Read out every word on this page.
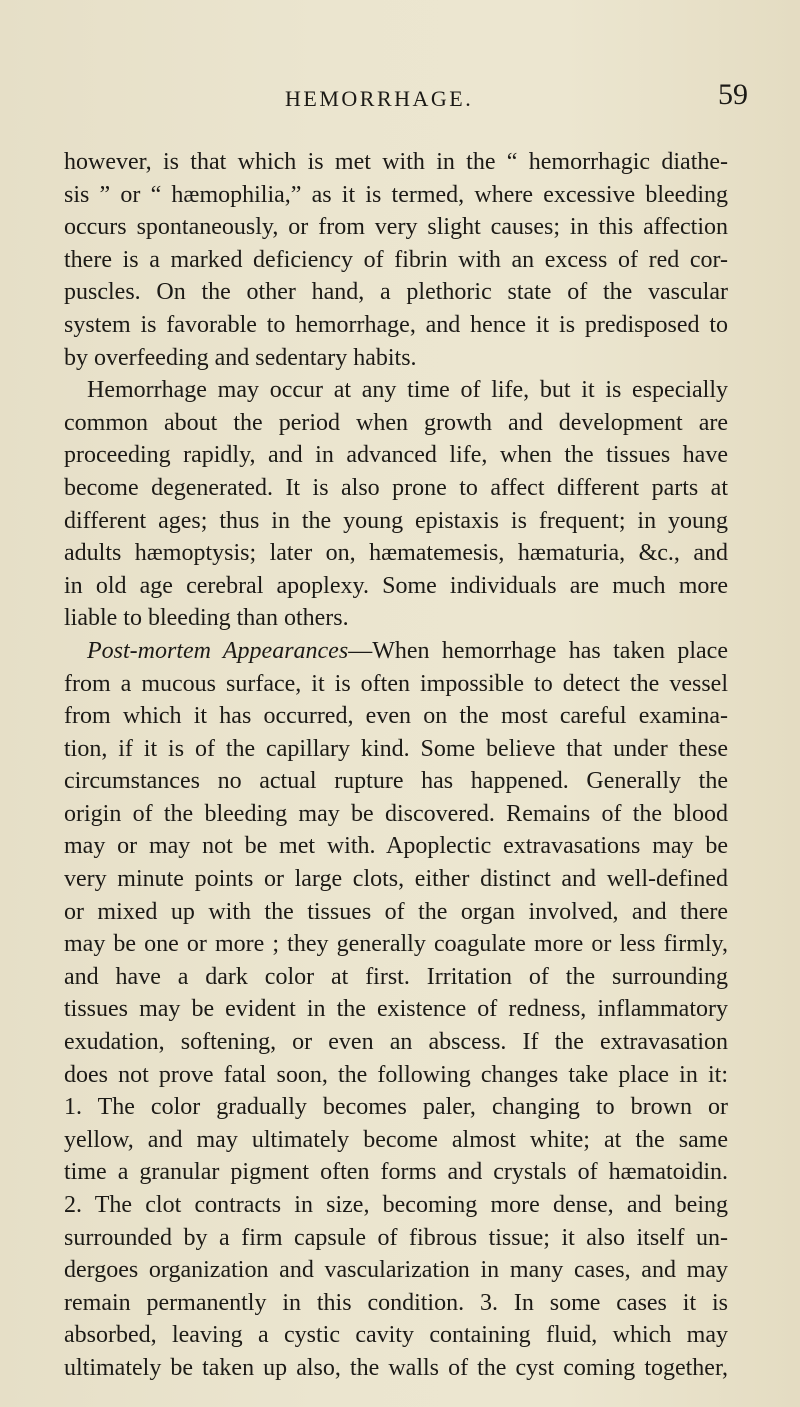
HEMORRHAGE.	59
however, is that which is met with in the “ hemorrhagic diathe-
sis ” or “ hæmophilia,” as it is termed, where excessive bleeding
occurs spontaneously, or from very slight causes; in this affection
there is a marked deficiency of fibrin with an excess of red cor-
puscles. On the other hand, a plethoric state of the vascular
system is favorable to hemorrhage, and hence it is predisposed to
by overfeeding and sedentary habits.
Hemorrhage may occur at any time of life, but it is especially
common about the period when growth and development are
proceeding rapidly, and in advanced life, when the tissues have
become degenerated. It is also prone to affect different parts at
different ages; thus in the young epistaxis is frequent; in young
adults hæmoptysis; later on, hæmatemesis, hæmaturia, &c., and
in old age cerebral apoplexy. Some individuals are much more
liable to bleeding than others.
Post-mortem Appearances—When hemorrhage has taken place
from a mucous surface, it is often impossible to detect the vessel
from which it has occurred, even on the most careful examina-
tion, if it is of the capillary kind. Some believe that under these
circumstances no actual rupture has happened. Generally the
origin of the bleeding may be discovered. Remains of the blood
may or may not be met with. Apoplectic extravasations may be
very minute points or large clots, either distinct and well-defined
or mixed up with the tissues of the organ involved, and there
may be one or more ; they generally coagulate more or less firmly,
and have a dark color at first. Irritation of the surrounding
tissues may be evident in the existence of redness, inflammatory
exudation, softening, or even an abscess. If the extravasation
does not prove fatal soon, the following changes take place in it:
1. The color gradually becomes paler, changing to brown or
yellow, and may ultimately become almost white; at the same
time a granular pigment often forms and crystals of hæmatoidin.
2. The clot contracts in size, becoming more dense, and being
surrounded by a firm capsule of fibrous tissue; it also itself un-
dergoes organization and vascularization in many cases, and may
remain permanently in this condition. 3. In some cases it is
absorbed, leaving a cystic cavity containing fluid, which may
ultimately be taken up also, the walls of the cyst coming together,
